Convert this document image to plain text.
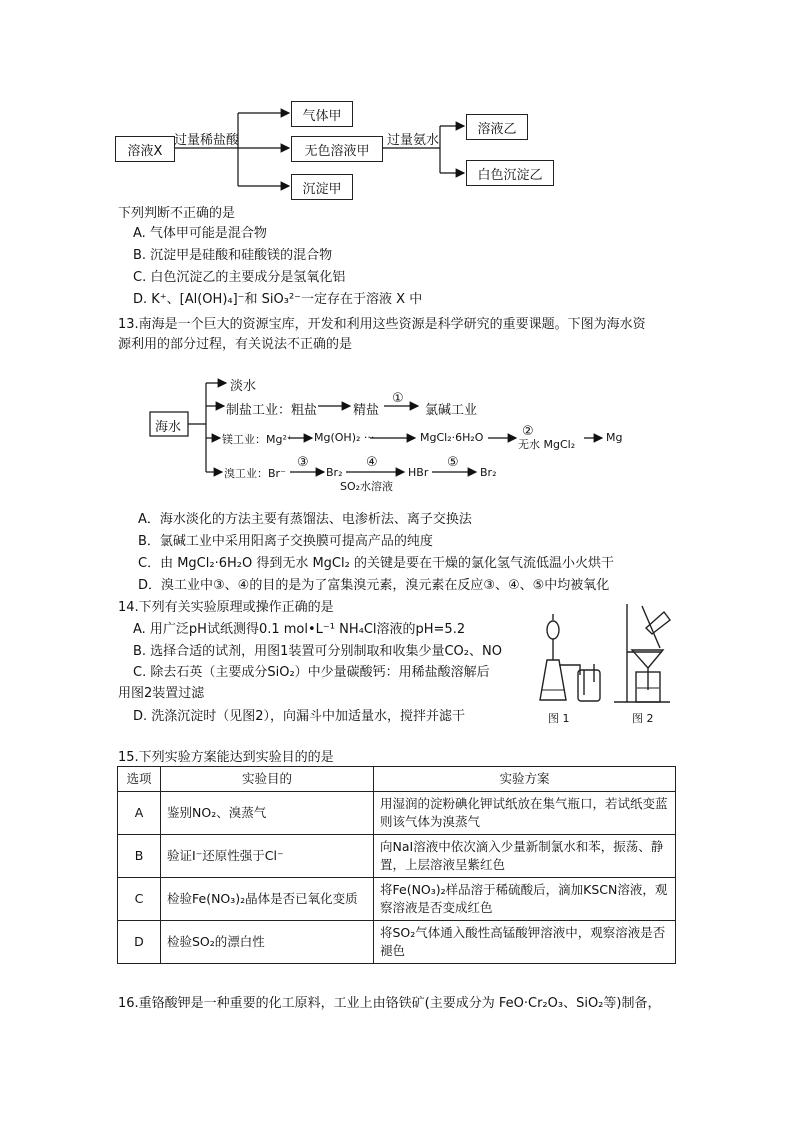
溶液X
过量稀盐酸
气体甲
无色溶液甲
沉淀甲
过量氨水
溶液乙
白色沉淀乙
下列判断不正确的是
A. 气体甲可能是混合物
B. 沉淀甲是硅酸和硅酸镁的混合物
C. 白色沉淀乙的主要成分是氢氧化铝
D. K⁺、[Al(OH)₄]⁻和 SiO₃²⁻一定存在于溶液 X 中
13.南海是一个巨大的资源宝库，开发和利用这些资源是科学研究的重要课题。下图为海水资
源利用的部分过程，有关说法不正确的是
海水
淡水
制盐工业：粗盐	精盐
①
氯碱工业
镁工业：Mg²⁺ Mg(OH)₂ ···	MgCl₂·6H₂O	②
无水 MgCl₂
Mg
溴工业：Br⁻
③
Br₂
④
HBr
⑤
Br₂
SO₂水溶液
A．海水淡化的方法主要有蒸馏法、电渗析法、离子交换法
B．氯碱工业中采用阳离子交换膜可提高产品的纯度
C．由 MgCl₂·6H₂O 得到无水 MgCl₂ 的关键是要在干燥的氯化氢气流低温小火烘干
D．溴工业中③、④的目的是为了富集溴元素，溴元素在反应③、④、⑤中均被氧化
14.下列有关实验原理或操作正确的是
A. 用广泛pH试纸测得0.1 mol•L⁻¹ NH₄Cl溶液的pH=5.2
B. 选择合适的试剂，用图1装置可分别制取和收集少量CO₂、NO
C. 除去石英（主要成分SiO₂）中少量碳酸钙：用稀盐酸溶解后
用图2装置过滤
D. 洗涤沉淀时（见图2），向漏斗中加适量水，搅拌并滤干	图 1	图 2
15.下列实验方案能达到实验目的的是
选项	实验目的	实验方案
A	鉴别NO₂、溴蒸气	用湿润的淀粉碘化钾试纸放在集气瓶口，若试纸变蓝则该气体为溴蒸气
B	验证I⁻还原性强于Cl⁻	向NaI溶液中依次滴入少量新制氯水和苯，振荡、静置，上层溶液呈紫红色
C	检验Fe(NO₃)₂晶体是否已氧化变质	将Fe(NO₃)₂样品溶于稀硫酸后，滴加KSCN溶液，观察溶液是否变成红色
D	检验SO₂的漂白性	将SO₂气体通入酸性高锰酸钾溶液中，观察溶液是否褪色
16.重铬酸钾是一种重要的化工原料，工业上由铬铁矿(主要成分为 FeO·Cr₂O₃、SiO₂等)制备，
